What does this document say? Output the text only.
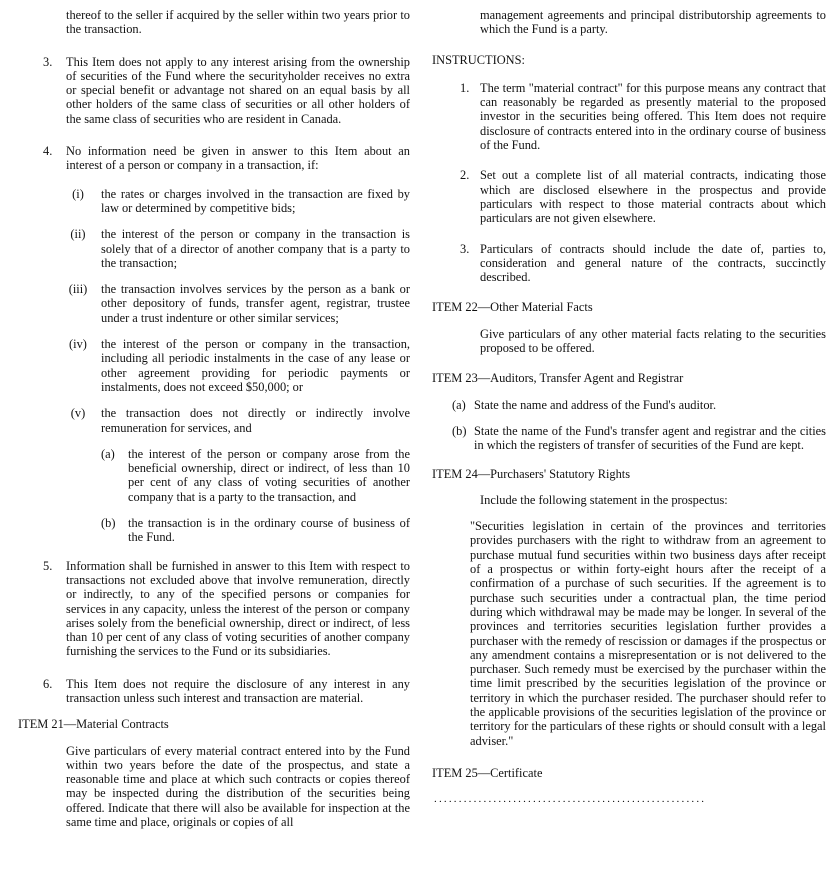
thereof to the seller if acquired by the seller within two years prior to the transaction.

3. This Item does not apply to any interest arising from the ownership of securities of the Fund where the securityholder receives no extra or special benefit or advantage not shared on an equal basis by all other holders of the same class of securities or all other holders of the same class of securities who are resident in Canada.

4. No information need be given in answer to this Item about an interest of a person or company in a transaction, if:

(i)	the rates or charges involved in the transaction are fixed by law or determined by competitive bids;

(ii)	the interest of the person or company in the transaction is solely that of a director of another company that is a party to the transaction;

(iii)	the transaction involves services by the person as a bank or other depository of funds, transfer agent, registrar, trustee under a trust indenture or other similar services;

(iv)	the interest of the person or company in the transaction, including all periodic instalments in the case of any lease or other agreement providing for periodic payments or instalments, does not exceed $50,000; or

(v)	the transaction does not directly or indirectly involve remuneration for services, and

(a) the interest of the person or company arose from the beneficial ownership, direct or indirect, of less than 10 per cent of any class of voting securities of another company that is a party to the transaction, and

(b) the transaction is in the ordinary course of business of the Fund.

5. Information shall be furnished in answer to this Item with respect to transactions not excluded above that involve remuneration, directly or indirectly, to any of the specified persons or companies for services in any capacity, unless the interest of the person or company arises solely from the beneficial ownership, direct or indirect, of less than 10 per cent of any class of voting securities of another company furnishing the services to the Fund or its subsidiaries.

6. This Item does not require the disclosure of any interest in any transaction unless such interest and transaction are material.

ITEM 21—Material Contracts

Give particulars of every material contract entered into by the Fund within two years before the date of the prospectus, and state a reasonable time and place at which such contracts or copies thereof may be inspected during the distribution of the securities being offered. Indicate that there will also be available for inspection at the same time and place, originals or copies of all

management agreements and principal distributorship agreements to which the Fund is a party.

INSTRUCTIONS:

1. The term "material contract" for this purpose means any contract that can reasonably be regarded as presently material to the proposed investor in the securities being offered. This Item does not require disclosure of contracts entered into in the ordinary course of business of the Fund.

2. Set out a complete list of all material contracts, indicating those which are disclosed elsewhere in the prospectus and provide particulars with respect to those material contracts about which particulars are not given elsewhere.

3. Particulars of contracts should include the date of, parties to, consideration and general nature of the contracts, succinctly described.

ITEM 22—Other Material Facts

Give particulars of any other material facts relating to the securities proposed to be offered.

ITEM 23—Auditors, Transfer Agent and Registrar

(a) State the name and address of the Fund's auditor.

(b) State the name of the Fund's transfer agent and registrar and the cities in which the registers of transfer of securities of the Fund are kept.

ITEM 24—Purchasers' Statutory Rights

Include the following statement in the prospectus:

"Securities legislation in certain of the provinces and territories provides purchasers with the right to withdraw from an agreement to purchase mutual fund securities within two business days after receipt of a prospectus or within forty-eight hours after the receipt of a confirmation of a purchase of such securities. If the agreement is to purchase such securities under a contractual plan, the time period during which withdrawal may be made may be longer. In several of the provinces and territories securities legislation further provides a purchaser with the remedy of rescission or damages if the prospectus or any amendment contains a misrepresentation or is not delivered to the purchaser. Such remedy must be exercised by the purchaser within the time limit prescribed by the securities legislation of the province or territory in which the purchaser resided. The purchaser should refer to the applicable provisions of the securities legislation of the province or territory for the particulars of these rights or should consult with a legal adviser."

ITEM 25—Certificate

.......................................................
